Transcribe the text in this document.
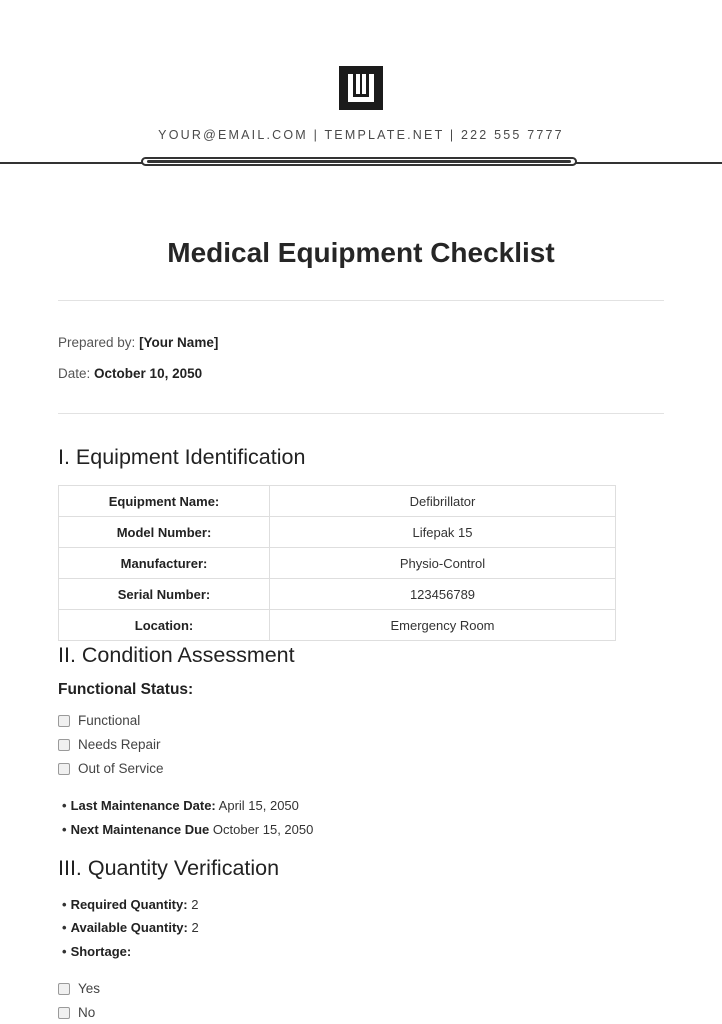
YOUR@EMAIL.COM | TEMPLATE.NET | 222 555 7777
Medical Equipment Checklist
Prepared by: [Your Name]
Date: October 10, 2050
I. Equipment Identification
Equipment Name:	Defibrillator
Model Number:	Lifepak 15
Manufacturer:	Physio-Control
Serial Number:	123456789
Location:	Emergency Room
II. Condition Assessment
Functional Status:
Functional
Needs Repair
Out of Service
• Last Maintenance Date: April 15, 2050
• Next Maintenance Due October 15, 2050
III. Quantity Verification
• Required Quantity: 2
• Available Quantity: 2
• Shortage:
Yes
No
